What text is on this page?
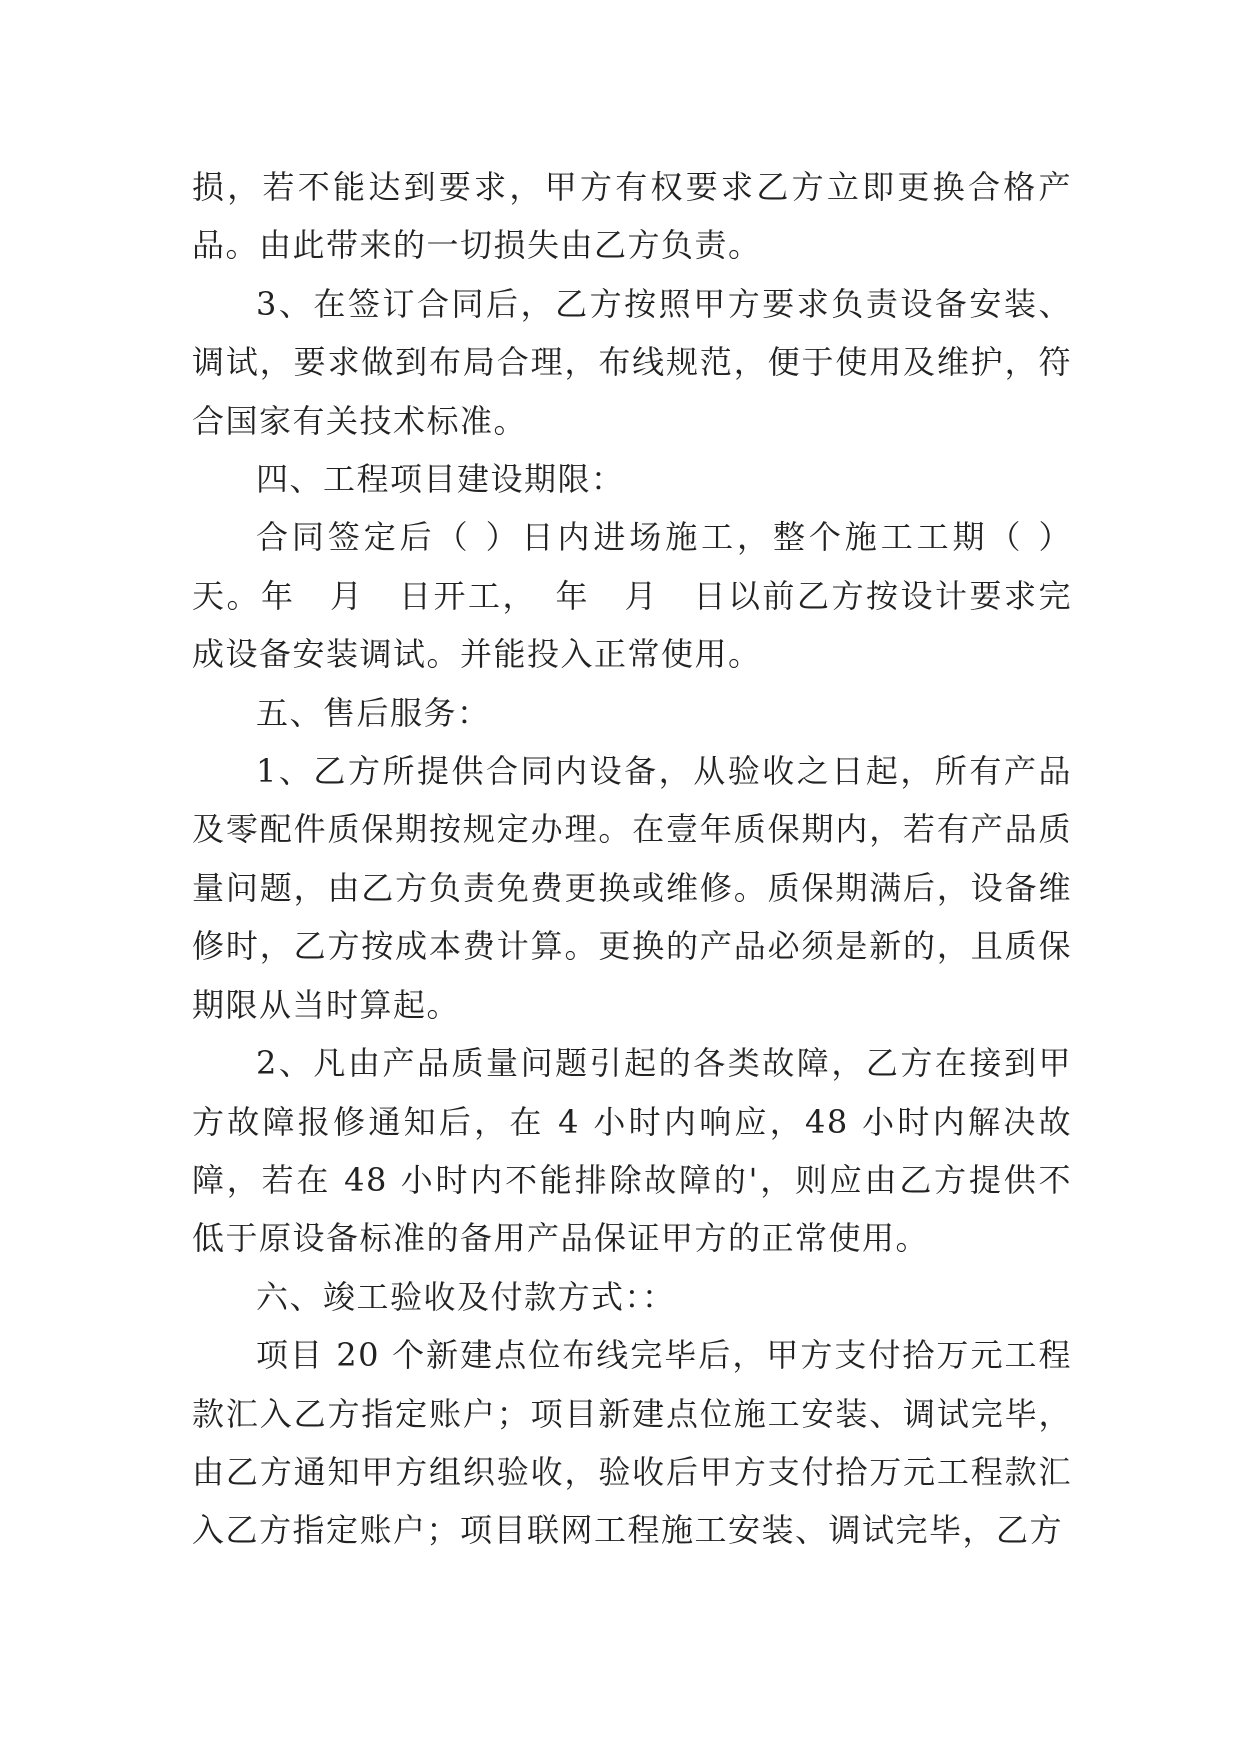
损，若不能达到要求，甲方有权要求乙方立即更换合格产品。由此带来的一切损失由乙方负责。

3、在签订合同后，乙方按照甲方要求负责设备安装、调试，要求做到布局合理，布线规范，便于使用及维护，符合国家有关技术标准。

四、工程项目建设期限：

合同签定后（ ）日内进场施工，整个施工工期（ ）天。年　月　日开工，　年　月　日以前乙方按设计要求完成设备安装调试。并能投入正常使用。

五、售后服务：

1、乙方所提供合同内设备，从验收之日起，所有产品及零配件质保期按规定办理。在壹年质保期内，若有产品质量问题，由乙方负责免费更换或维修。质保期满后，设备维修时，乙方按成本费计算。更换的产品必须是新的，且质保期限从当时算起。

2、凡由产品质量问题引起的各类故障，乙方在接到甲方故障报修通知后，在 4 小时内响应，48 小时内解决故障，若在 48 小时内不能排除故障的'，则应由乙方提供不低于原设备标准的备用产品保证甲方的正常使用。

六、竣工验收及付款方式：：

项目 20 个新建点位布线完毕后，甲方支付拾万元工程款汇入乙方指定账户；项目新建点位施工安装、调试完毕，由乙方通知甲方组织验收，验收后甲方支付拾万元工程款汇入乙方指定账户；项目联网工程施工安装、调试完毕，乙方
